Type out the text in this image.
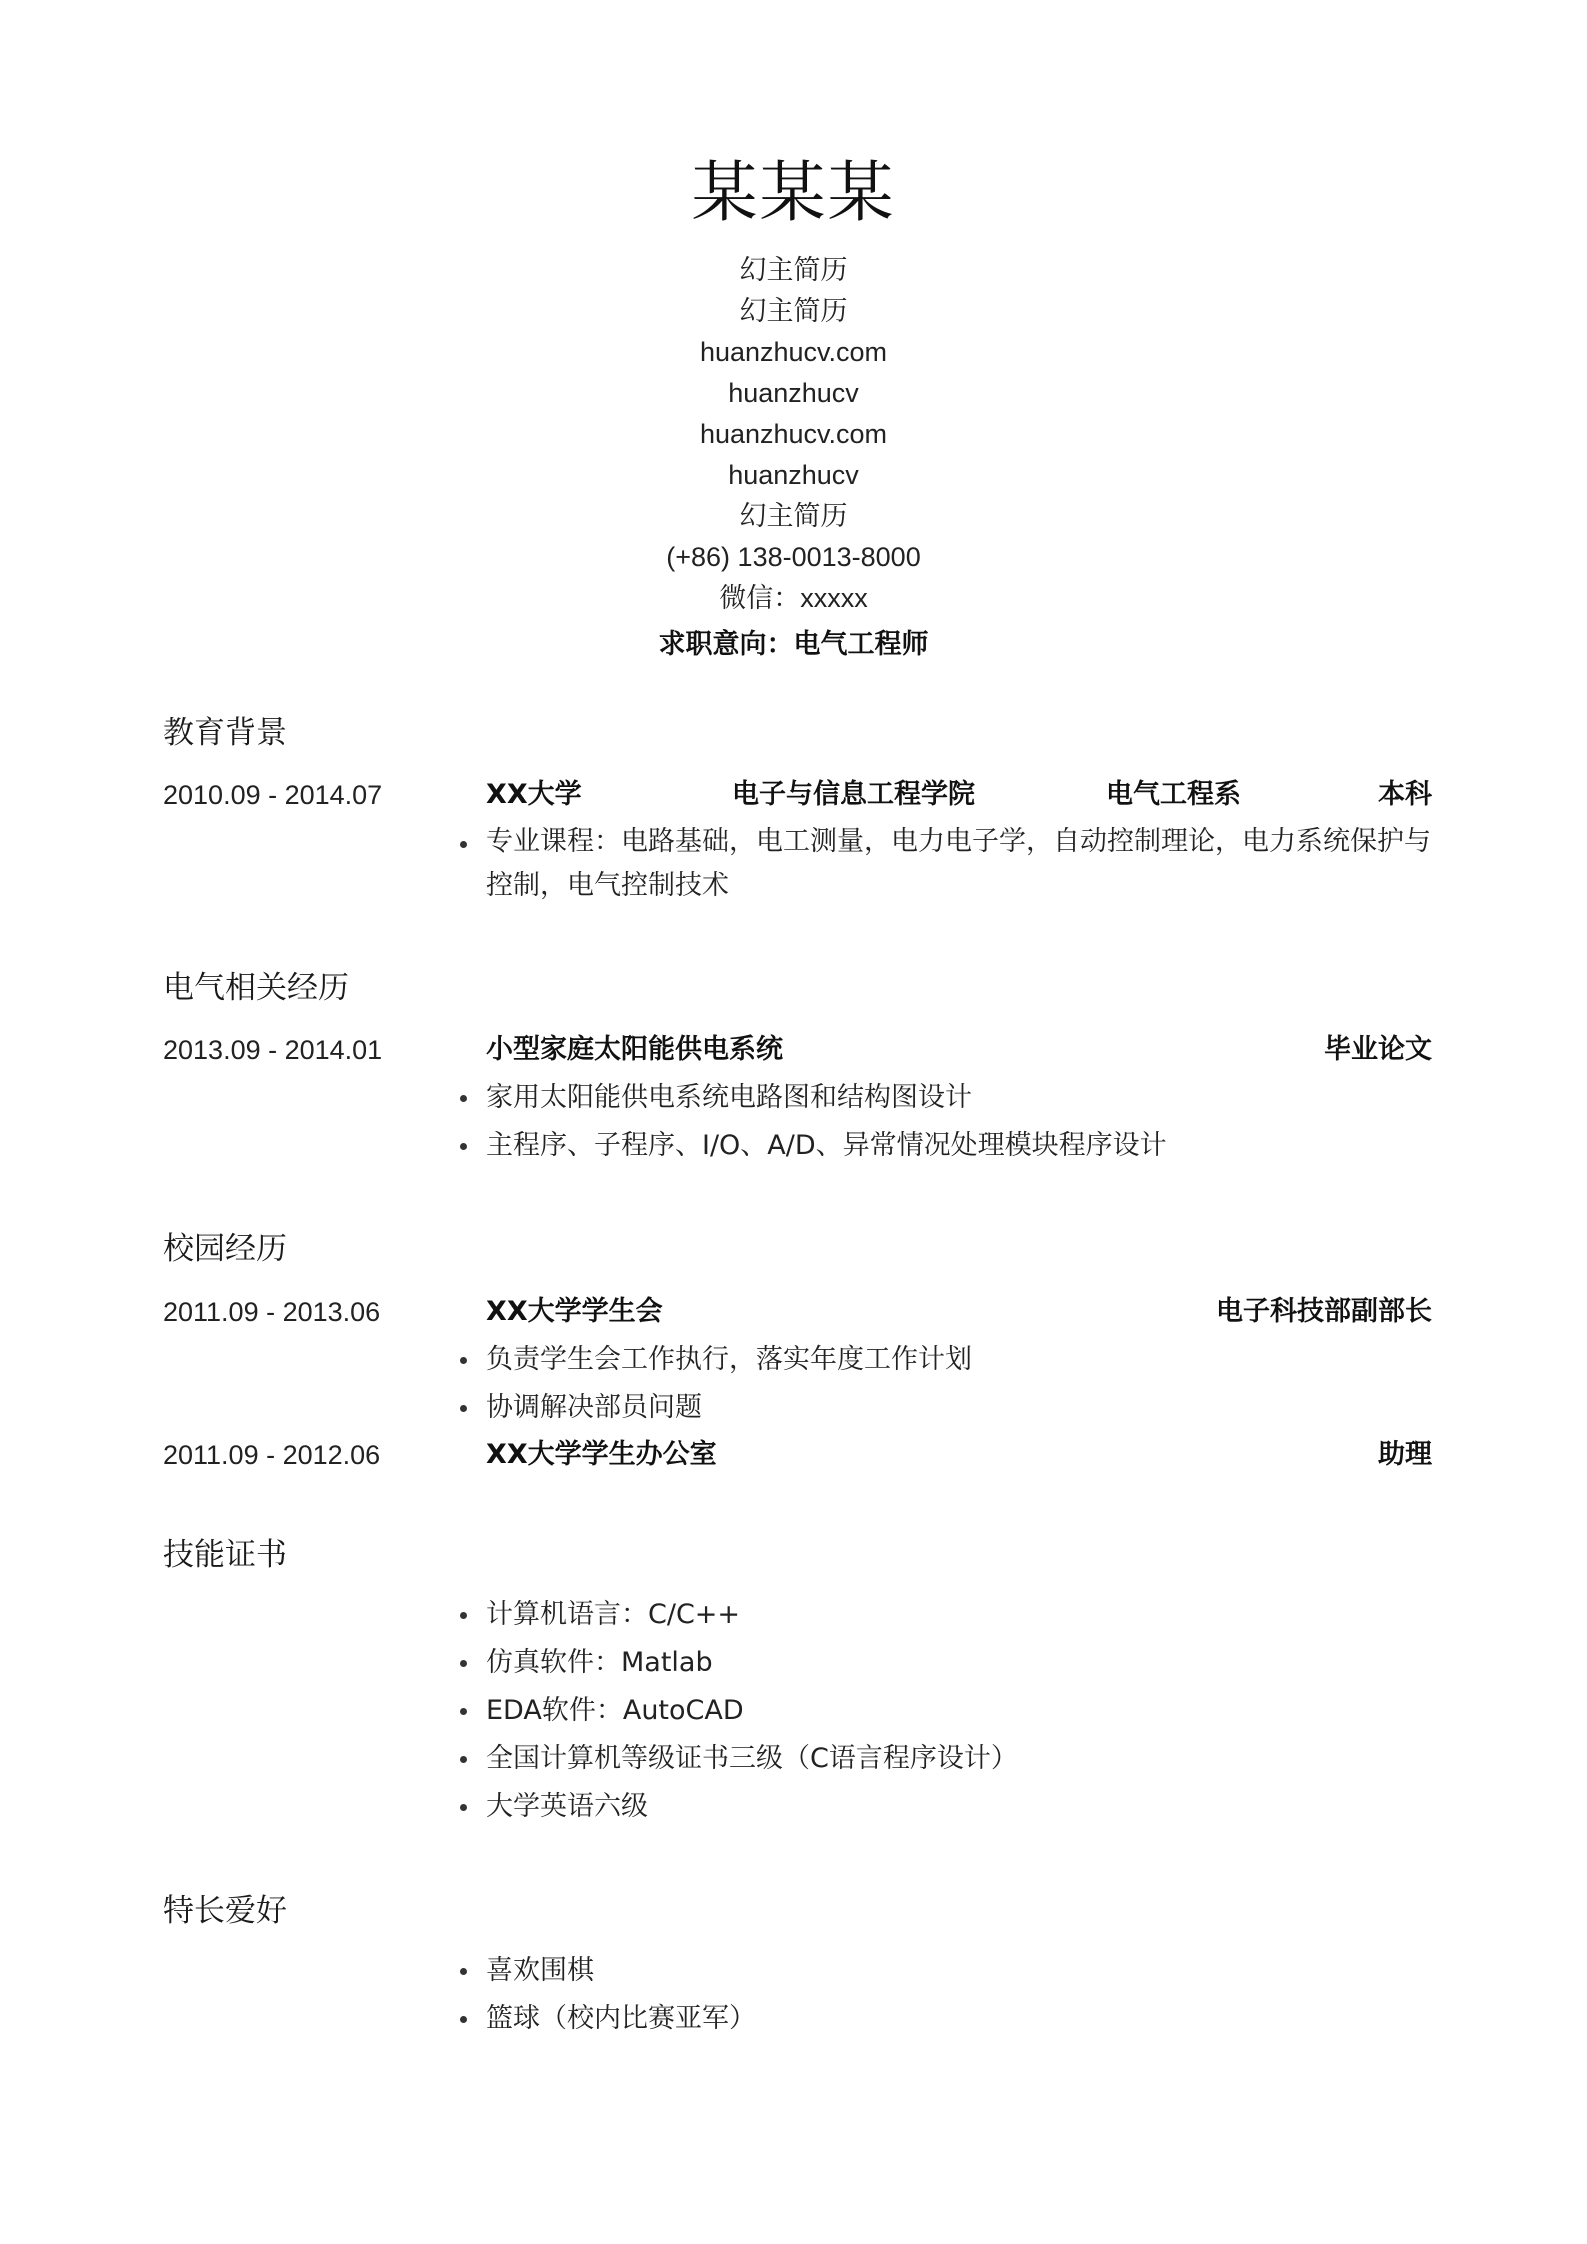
某某某
幻主简历
幻主简历
huanzhucv.com
huanzhucv
huanzhucv.com
huanzhucv
幻主简历
(+86) 138-0013-8000
微信：xxxxx
求职意向：电气工程师
教育背景
2010.09 - 2014.07	XX大学	电子与信息工程学院	电气工程系	本科
专业课程：电路基础，电工测量，电力电子学，自动控制理论，电力系统保护与控制，电气控制技术
电气相关经历
2013.09 - 2014.01	小型家庭太阳能供电系统	毕业论文
家用太阳能供电系统电路图和结构图设计
主程序、子程序、I/O、A/D、异常情况处理模块程序设计
校园经历
2011.09 - 2013.06	XX大学学生会	电子科技部副部长
负责学生会工作执行，落实年度工作计划
协调解决部员问题
2011.09 - 2012.06	XX大学学生办公室	助理
技能证书
计算机语言：C/C++
仿真软件：Matlab
EDA软件：AutoCAD
全国计算机等级证书三级（C语言程序设计）
大学英语六级
特长爱好
喜欢围棋
篮球（校内比赛亚军）
